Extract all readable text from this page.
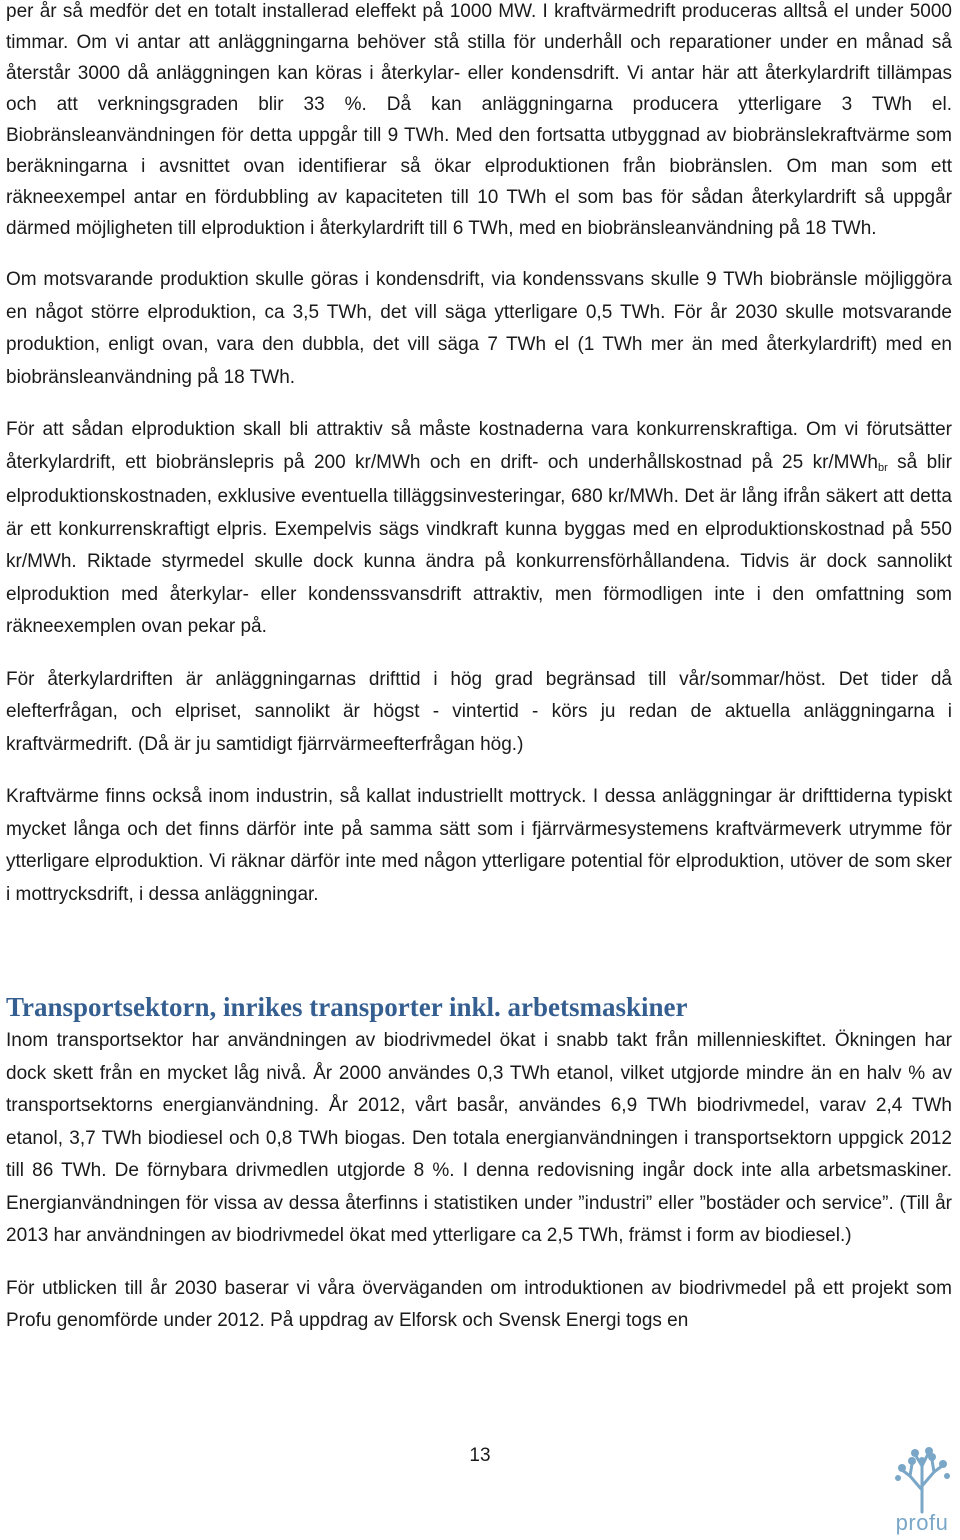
per år så medför det en totalt installerad eleffekt på 1000 MW. I kraftvärmedrift produceras alltså el under 5000 timmar. Om vi antar att anläggningarna behöver stå stilla för underhåll och reparationer under en månad så återstår 3000 då anläggningen kan köras i återkylar- eller kondensdrift. Vi antar här att återkylardrift tillämpas och att verkningsgraden blir 33 %. Då kan anläggningarna producera ytterligare 3 TWh el. Biobränsleanvändningen för detta uppgår till 9 TWh. Med den fortsatta utbyggnad av biobränslekraftvärme som beräkningarna i avsnittet ovan identifierar så ökar elproduktionen från biobränslen. Om man som ett räkneexempel antar en fördubbling av kapaciteten till 10 TWh el som bas för sådan återkylardrift så uppgår därmed möjligheten till elproduktion i återkylardrift till 6 TWh, med en biobränsleanvändning på 18 TWh.

Om motsvarande produktion skulle göras i kondensdrift, via kondenssvans skulle 9 TWh biobränsle möjliggöra en något större elproduktion, ca 3,5 TWh, det vill säga ytterligare 0,5 TWh. För år 2030 skulle motsvarande produktion, enligt ovan, vara den dubbla, det vill säga 7 TWh el (1 TWh mer än med återkylardrift) med en biobränsleanvändning på 18 TWh.

För att sådan elproduktion skall bli attraktiv så måste kostnaderna vara konkurrenskraftiga. Om vi förutsätter återkylardrift, ett biobränslepris på 200 kr/MWh och en drift- och underhållskostnad på 25 kr/MWh$_{br}$ så blir elproduktionskostnaden, exklusive eventuella tilläggsinvesteringar, 680 kr/MWh. Det är lång ifrån säkert att detta är ett konkurrenskraftigt elpris. Exempelvis sägs vindkraft kunna byggas med en elproduktionskostnad på 550 kr/MWh. Riktade styrmedel skulle dock kunna ändra på konkurrensförhållandena. Tidvis är dock sannolikt elproduktion med återkylar- eller kondenssvansdrift attraktiv, men förmodligen inte i den omfattning som räkneexemplen ovan pekar på.

För återkylardriften är anläggningarnas drifttid i hög grad begränsad till vår/sommar/höst. Det tider då elefterfrågan, och elpriset, sannolikt är högst - vintertid - körs ju redan de aktuella anläggningarna i kraftvärmedrift. (Då är ju samtidigt fjärrvärmeefterfrågan hög.)

Kraftvärme finns också inom industrin, så kallat industriellt mottryck. I dessa anläggningar är drifttiderna typiskt mycket långa och det finns därför inte på samma sätt som i fjärrvärmesystemens kraftvärmeverk utrymme för ytterligare elproduktion. Vi räknar därför inte med någon ytterligare potential för elproduktion, utöver de som sker i mottrycksdrift, i dessa anläggningar.

Transportsektorn, inrikes transporter inkl. arbetsmaskiner

Inom transportsektor har användningen av biodrivmedel ökat i snabb takt från millennieskiftet. Ökningen har dock skett från en mycket låg nivå. År 2000 användes 0,3 TWh etanol, vilket utgjorde mindre än en halv % av transportsektorns energianvändning. År 2012, vårt basår, användes 6,9 TWh biodrivmedel, varav 2,4 TWh etanol, 3,7 TWh biodiesel och 0,8 TWh biogas. Den totala energianvändningen i transportsektorn uppgick 2012 till 86 TWh. De förnybara drivmedlen utgjorde 8 %. I denna redovisning ingår dock inte alla arbetsmaskiner. Energianvändningen för vissa av dessa återfinns i statistiken under ”industri” eller ”bostäder och service”. (Till år 2013 har användningen av biodrivmedel ökat med ytterligare ca 2,5 TWh, främst i form av biodiesel.)

För utblicken till år 2030 baserar vi våra överväganden om introduktionen av biodrivmedel på ett projekt som Profu genomförde under 2012. På uppdrag av Elforsk och Svensk Energi togs en

13
profu
